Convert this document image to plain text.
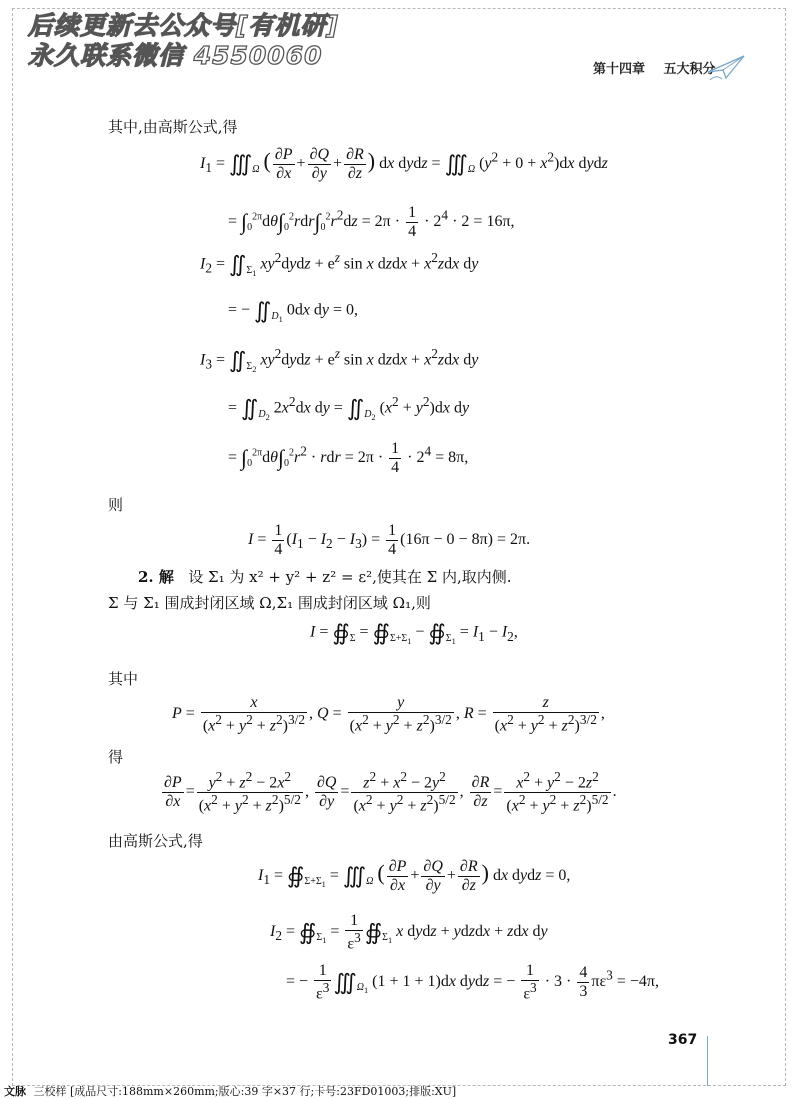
后续更新去公众号[有机研]
永久联系微信 4550060	第十四章 五大积分
其中,由高斯公式,得
$I_1$ = $∭_\Omega$ ( $\frac{\partial P}{\partial x} + \frac{\partial Q}{\partial y} + \frac{\partial R}{\partial z}$ ) dx dydz = $∭_\Omega$ $(y^2 + 0 + x^2)dx$ dydz
= $\int_0^{2\pi}d\theta\int_0^2rdr\int_0^2r^2dz = 2\pi \cdot \frac{1}{4} \cdot 2^4 \cdot 2 = 16\pi$,
$I_2$ = $∬_{\Sigma_1}$ $xy^2dydz + e^z$ sin x dzdx + $x^2zdx$ dy
= − $∬_{D_1}$ 0dx dy = 0,
$I_3$ = $∬_{\Sigma_2}$ $xy^2dydz + e^z$ sin x dzdx + $x^2zdx$ dy
= $∬_{D_2}$ $2x^2dx$ dy = $∬_{D_2}$ $(x^2 + y^2)dx$ dy
= $\int_0^{2\pi}d\theta\int_0^2r^2$ · rdr = $2\pi \cdot \frac{1}{4} \cdot 2^4 = 8\pi$,
则
$I = \frac{1}{4} (I_1 - I_2 - I_3) = \frac{1}{4} (16\pi - 0 - 8\pi) = 2\pi$.
2. 解 设 Σ₁ 为 x² + y² + z² = ε²,使其在 Σ 内,取内侧.
Σ 与 Σ₁ 围成封闭区域 Ω,Σ₁ 围成封闭区域 Ω₁,则
$I = ∯_\Sigma$ = $∯_{\Sigma+\Sigma_1}$ − $∯_{\Sigma_1} = I_1 - I_2$,
其中
$P = \frac{x}{(x^2 + y^2 + z^2)^{3/2}}$ , $Q = \frac{y}{(x^2 + y^2 + z^2)^{3/2}}$ , $R = \frac{z}{(x^2 + y^2 + z^2)^{3/2}}$ ,
得
$\frac{\partial P}{\partial x} = \frac{y^2 + z^2 - 2x^2}{(x^2 + y^2 + z^2)^{5/2}}$ , $\frac{\partial Q}{\partial y} = \frac{z^2 + x^2 - 2y^2}{(x^2 + y^2 + z^2)^{5/2}}$ , $\frac{\partial R}{\partial z} = \frac{x^2 + y^2 - 2z^2}{(x^2 + y^2 + z^2)^{5/2}}$ .
由高斯公式,得
$I_1$ = $∯_{\Sigma+\Sigma_1}$ = $∭_\Omega$ ( $\frac{\partial P}{\partial x} + \frac{\partial Q}{\partial y} + \frac{\partial R}{\partial z}$ ) dx dydz = 0,
$I_2$ = $∯_{\Sigma_1} = \frac{1}{\varepsilon^3}$ $∯_{\Sigma_1}$ x dydz + ydzdx + zdx dy
= − $\frac{1}{\varepsilon^3}$ $∭_{\Omega_1}$ (1 + 1 + 1)dx dydz = − $\frac{1}{\varepsilon^3} \cdot 3 \cdot \frac{4}{3} \pi\varepsilon^3 = -4\pi$,
367
文脉 三校样 [成品尺寸:188mm×260mm;版心:39 字×37 行;卡号:23FD01003;排版:XU]
